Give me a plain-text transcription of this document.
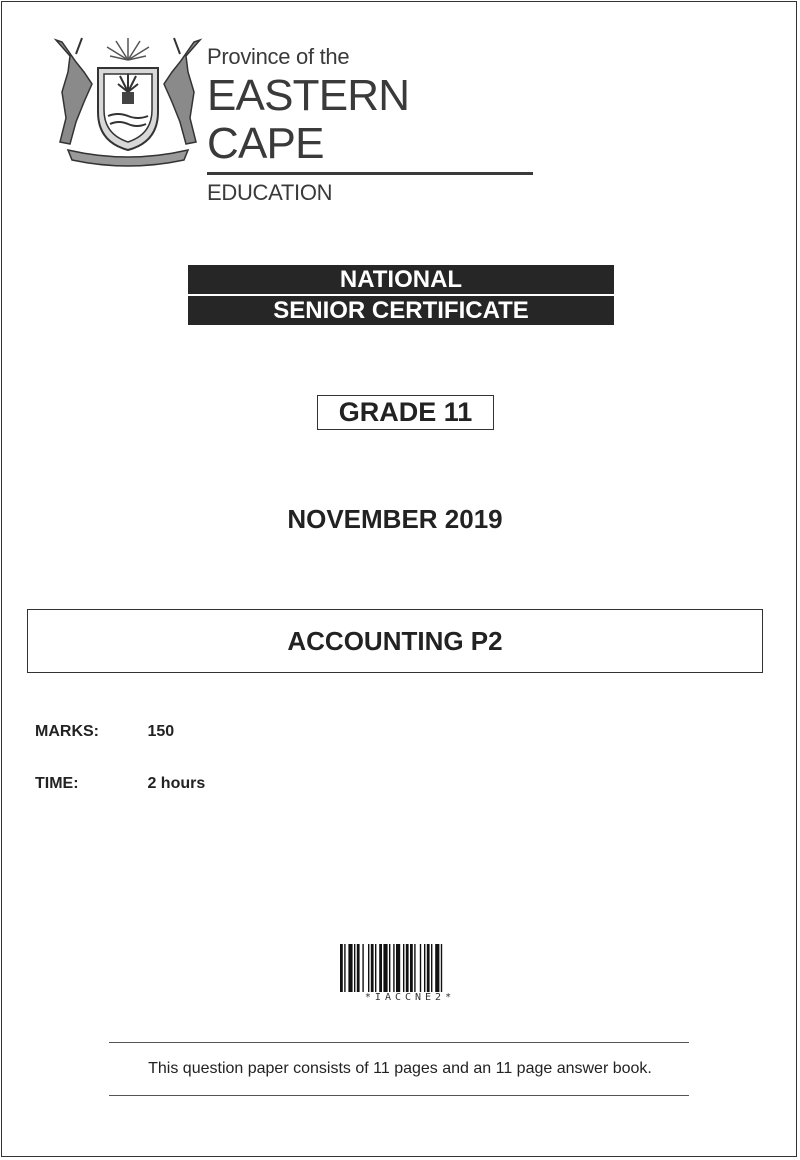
Province of the
EASTERN CAPE
EDUCATION
NATIONAL
SENIOR CERTIFICATE
GRADE 11
NOVEMBER 2019
ACCOUNTING P2
MARKS:	150
TIME:	2 hours
*IACCNE2*
This question paper consists of 11 pages and an 11 page answer book.
